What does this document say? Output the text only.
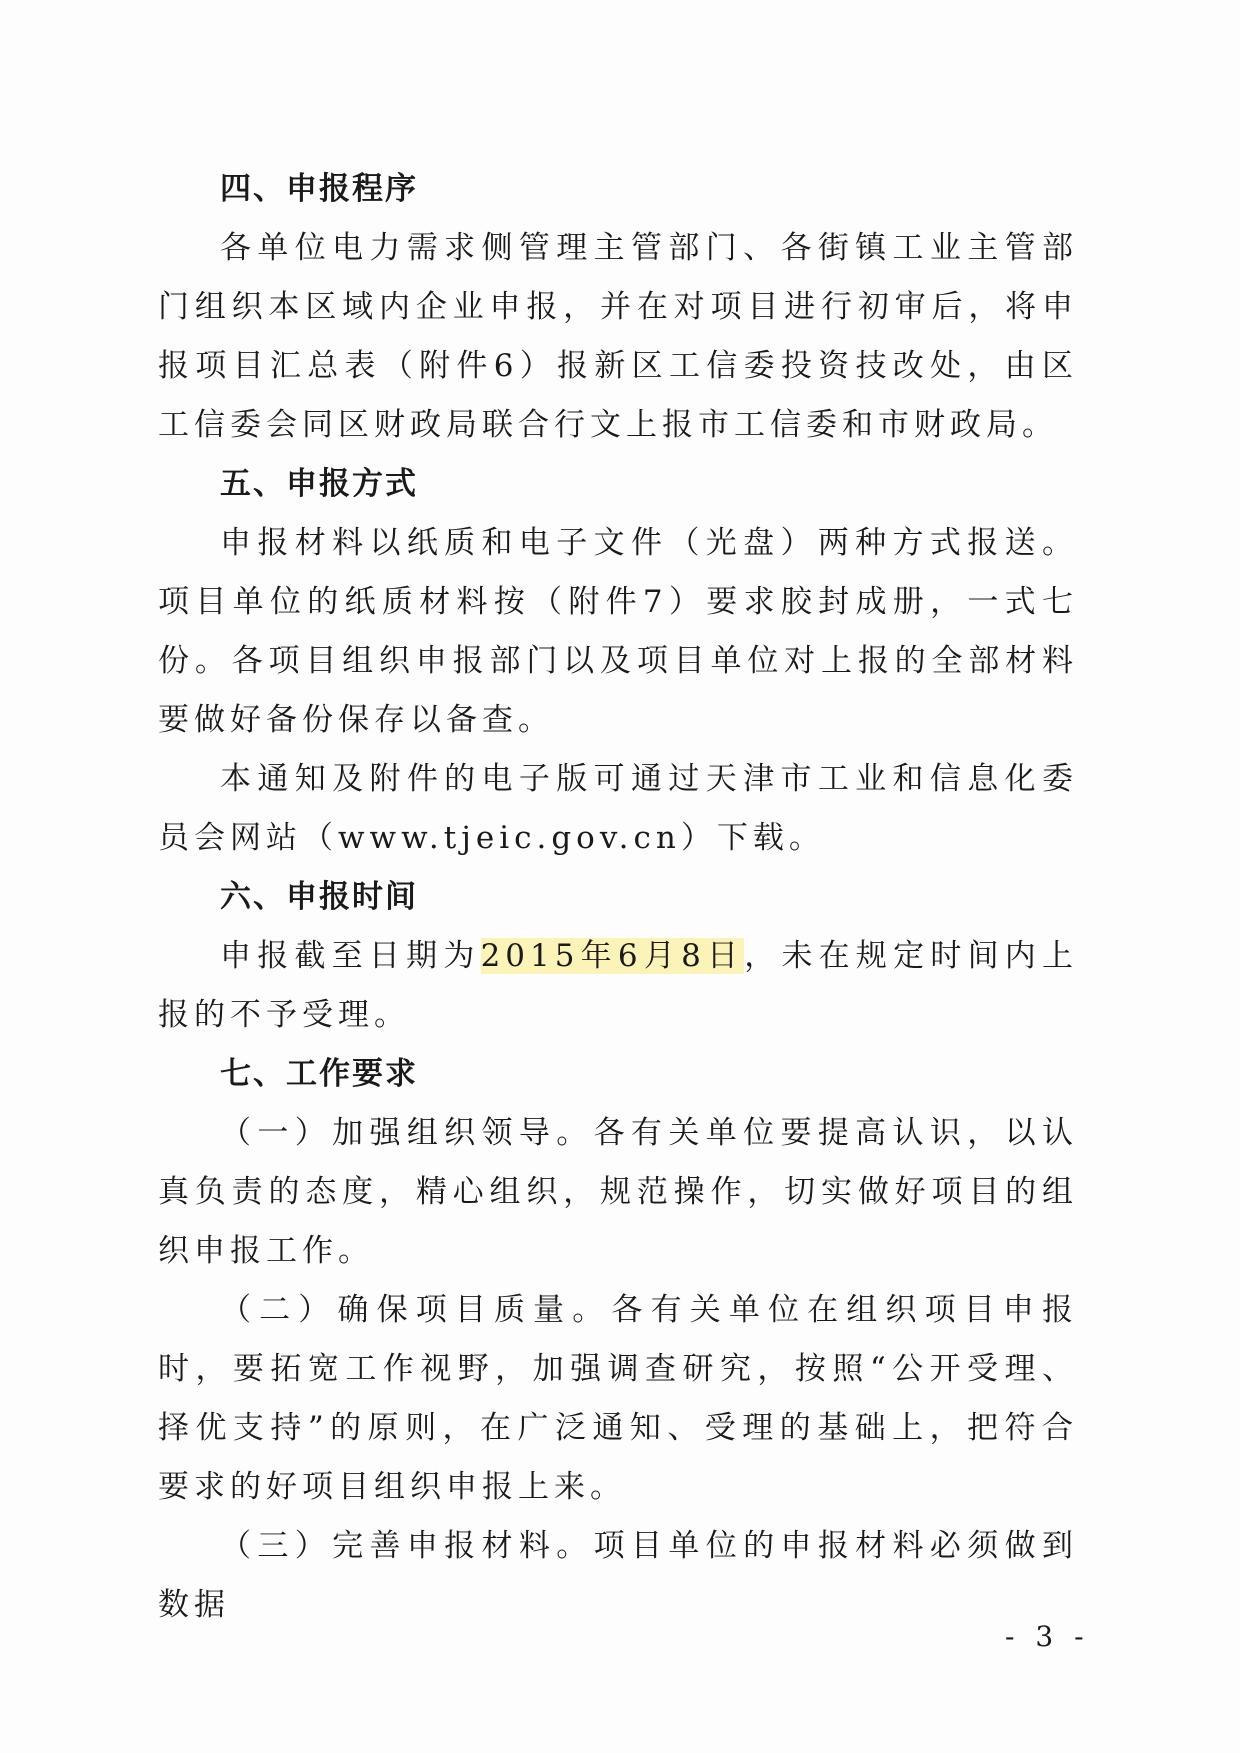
四、申报程序

各单位电力需求侧管理主管部门、各街镇工业主管部门组织本区域内企业申报，并在对项目进行初审后，将申报项目汇总表（附件6）报新区工信委投资技改处，由区工信委会同区财政局联合行文上报市工信委和市财政局。

五、申报方式

申报材料以纸质和电子文件（光盘）两种方式报送。项目单位的纸质材料按（附件7）要求胶封成册，一式七份。各项目组织申报部门以及项目单位对上报的全部材料要做好备份保存以备查。

本通知及附件的电子版可通过天津市工业和信息化委员会网站（www.tjeic.gov.cn）下载。

六、申报时间

申报截至日期为2015年6月8日，未在规定时间内上报的不予受理。

七、工作要求

（一）加强组织领导。各有关单位要提高认识，以认真负责的态度，精心组织，规范操作，切实做好项目的组织申报工作。

（二）确保项目质量。各有关单位在组织项目申报时，要拓宽工作视野，加强调查研究，按照“公开受理、择优支持”的原则，在广泛通知、受理的基础上，把符合要求的好项目组织申报上来。

（三）完善申报材料。项目单位的申报材料必须做到数据

- 3 -
